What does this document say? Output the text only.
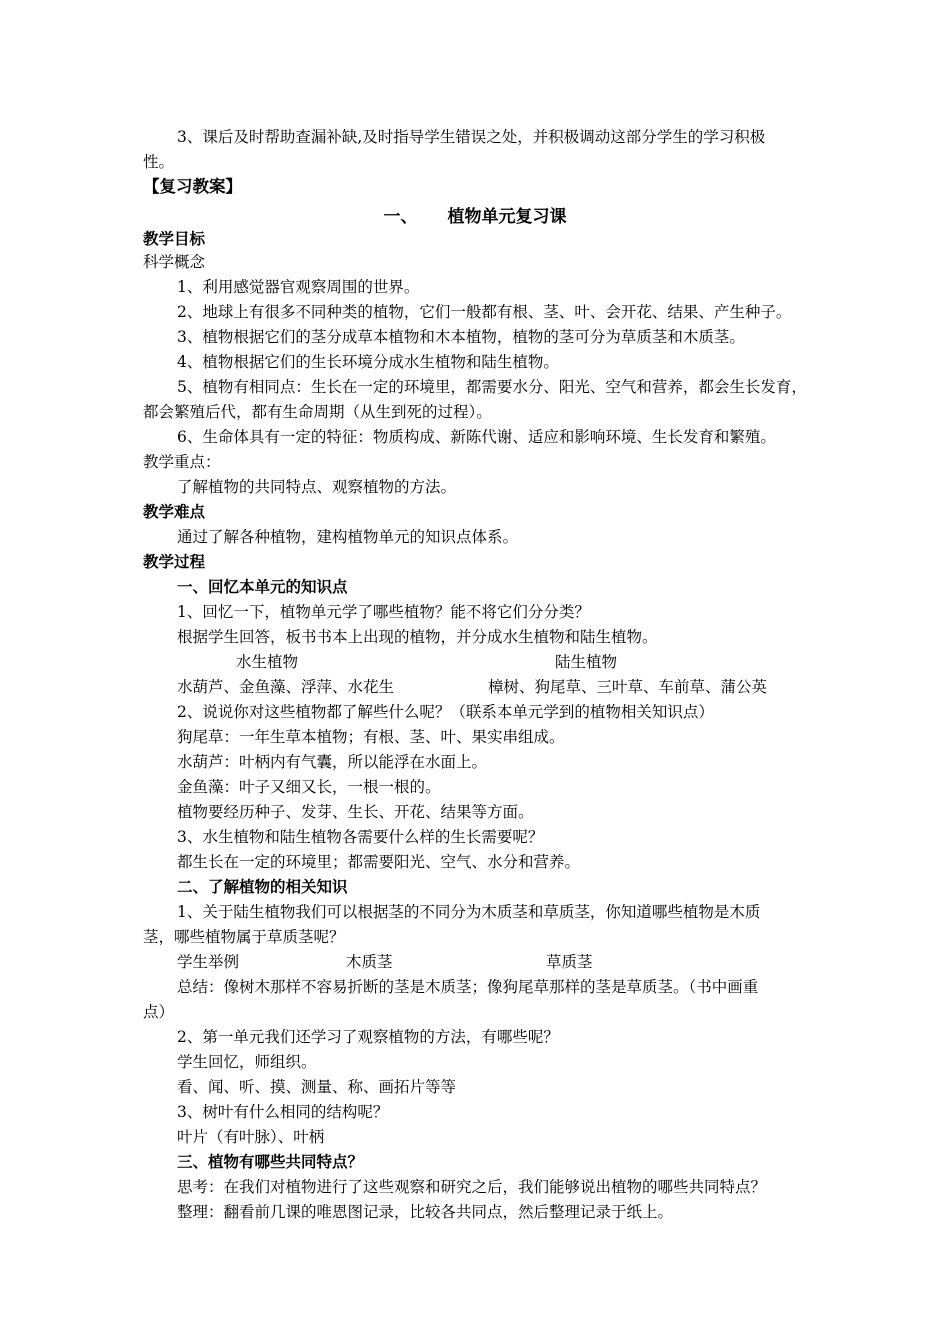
3、课后及时帮助查漏补缺,及时指导学生错误之处，并积极调动这部分学生的学习积极
性。
【复习教案】
一、 植物单元复习课
教学目标
科学概念
1、利用感觉器官观察周围的世界。
2、地球上有很多不同种类的植物，它们一般都有根、茎、叶、会开花、结果、产生种子。
3、植物根据它们的茎分成草本植物和木本植物，植物的茎可分为草质茎和木质茎。
4、植物根据它们的生长环境分成水生植物和陆生植物。
5、植物有相同点：生长在一定的环境里，都需要水分、阳光、空气和营养，都会生长发育，
都会繁殖后代，都有生命周期（从生到死的过程）。
6、生命体具有一定的特征：物质构成、新陈代谢、适应和影响环境、生长发育和繁殖。
教学重点：
了解植物的共同特点、观察植物的方法。
教学难点
通过了解各种植物，建构植物单元的知识点体系。
教学过程
一、回忆本单元的知识点
1、回忆一下，植物单元学了哪些植物？能不将它们分分类？
根据学生回答，板书书本上出现的植物，并分成水生植物和陆生植物。
水生植物	陆生植物
水葫芦、金鱼藻、浮萍、水花生	樟树、狗尾草、三叶草、车前草、蒲公英
2、说说你对这些植物都了解些什么呢？（联系本单元学到的植物相关知识点）
狗尾草：一年生草本植物；有根、茎、叶、果实串组成。
水葫芦：叶柄内有气囊，所以能浮在水面上。
金鱼藻：叶子又细又长，一根一根的。
植物要经历种子、发芽、生长、开花、结果等方面。
3、水生植物和陆生植物各需要什么样的生长需要呢？
都生长在一定的环境里；都需要阳光、空气、水分和营养。
二、了解植物的相关知识
1、关于陆生植物我们可以根据茎的不同分为木质茎和草质茎，你知道哪些植物是木质
茎，哪些植物属于草质茎呢？
学生举例	木质茎	草质茎
总结：像树木那样不容易折断的茎是木质茎；像狗尾草那样的茎是草质茎。（书中画重
点）
2、第一单元我们还学习了观察植物的方法，有哪些呢？
学生回忆，师组织。
看、闻、听、摸、测量、称、画拓片等等
3、树叶有什么相同的结构呢？
叶片（有叶脉）、叶柄
三、植物有哪些共同特点？
思考：在我们对植物进行了这些观察和研究之后，我们能够说出植物的哪些共同特点？
整理：翻看前几课的唯恩图记录，比较各共同点，然后整理记录于纸上。
